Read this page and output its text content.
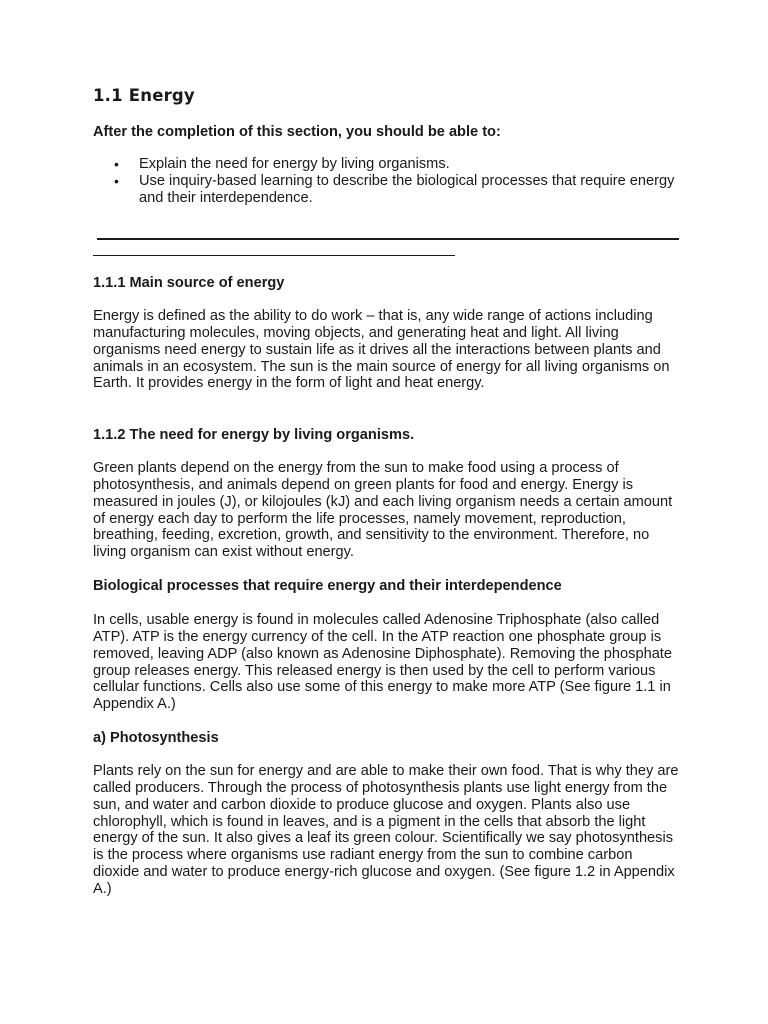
1.1 Energy

After the completion of this section, you should be able to:

• Explain the need for energy by living organisms.
• Use inquiry-based learning to describe the biological processes that require energy and their interdependence.
1.1.1 Main source of energy

Energy is defined as the ability to do work – that is, any wide range of actions including manufacturing molecules, moving objects, and generating heat and light. All living organisms need energy to sustain life as it drives all the interactions between plants and animals in an ecosystem. The sun is the main source of energy for all living organisms on Earth. It provides energy in the form of light and heat energy.

1.1.2 The need for energy by living organisms.

Green plants depend on the energy from the sun to make food using a process of photosynthesis, and animals depend on green plants for food and energy. Energy is measured in joules (J), or kilojoules (kJ) and each living organism needs a certain amount of energy each day to perform the life processes, namely movement, reproduction, breathing, feeding, excretion, growth, and sensitivity to the environment. Therefore, no living organism can exist without energy.

Biological processes that require energy and their interdependence

In cells, usable energy is found in molecules called Adenosine Triphosphate (also called ATP). ATP is the energy currency of the cell. In the ATP reaction one phosphate group is removed, leaving ADP (also known as Adenosine Diphosphate). Removing the phosphate group releases energy. This released energy is then used by the cell to perform various cellular functions. Cells also use some of this energy to make more ATP (See figure 1.1 in Appendix A.)

a) Photosynthesis

Plants rely on the sun for energy and are able to make their own food. That is why they are called producers. Through the process of photosynthesis plants use light energy from the sun, and water and carbon dioxide to produce glucose and oxygen. Plants also use chlorophyll, which is found in leaves, and is a pigment in the cells that absorb the light energy of the sun. It also gives a leaf its green colour. Scientifically we say photosynthesis is the process where organisms use radiant energy from the sun to combine carbon dioxide and water to produce energy-rich glucose and oxygen. (See figure 1.2 in Appendix A.)
